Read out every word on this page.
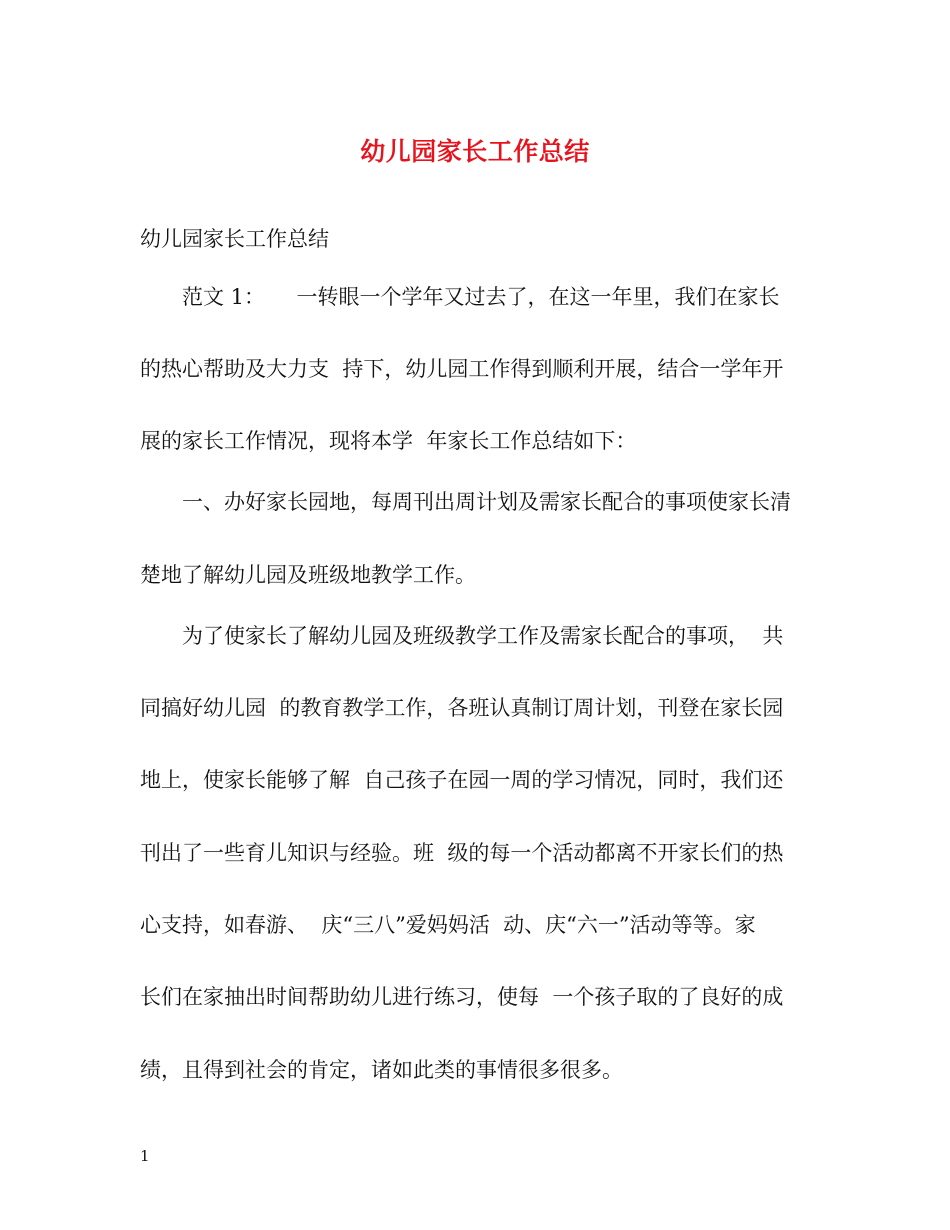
幼儿园家长工作总结
幼儿园家长工作总结
范文 1：　　一转眼一个学年又过去了，在这一年里，我们在家长
的热心帮助及大力支  持下，幼儿园工作得到顺利开展，结合一学年开
展的家长工作情况，现将本学  年家长工作总结如下：
一、办好家长园地，每周刊出周计划及需家长配合的事项使家长清
楚地了解幼儿园及班级地教学工作。
为了使家长了解幼儿园及班级教学工作及需家长配合的事项，  共
同搞好幼儿园  的教育教学工作，各班认真制订周计划，刊登在家长园
地上，使家长能够了解  自己孩子在园一周的学习情况，同时，我们还
刊出了一些育儿知识与经验。班  级的每一个活动都离不开家长们的热
心支持，如春游、  庆“三八”爱妈妈活  动、庆“六一”活动等等。家
长们在家抽出时间帮助幼儿进行练习，使每  一个孩子取的了良好的成
绩，且得到社会的肯定，诸如此类的事情很多很多。
1
